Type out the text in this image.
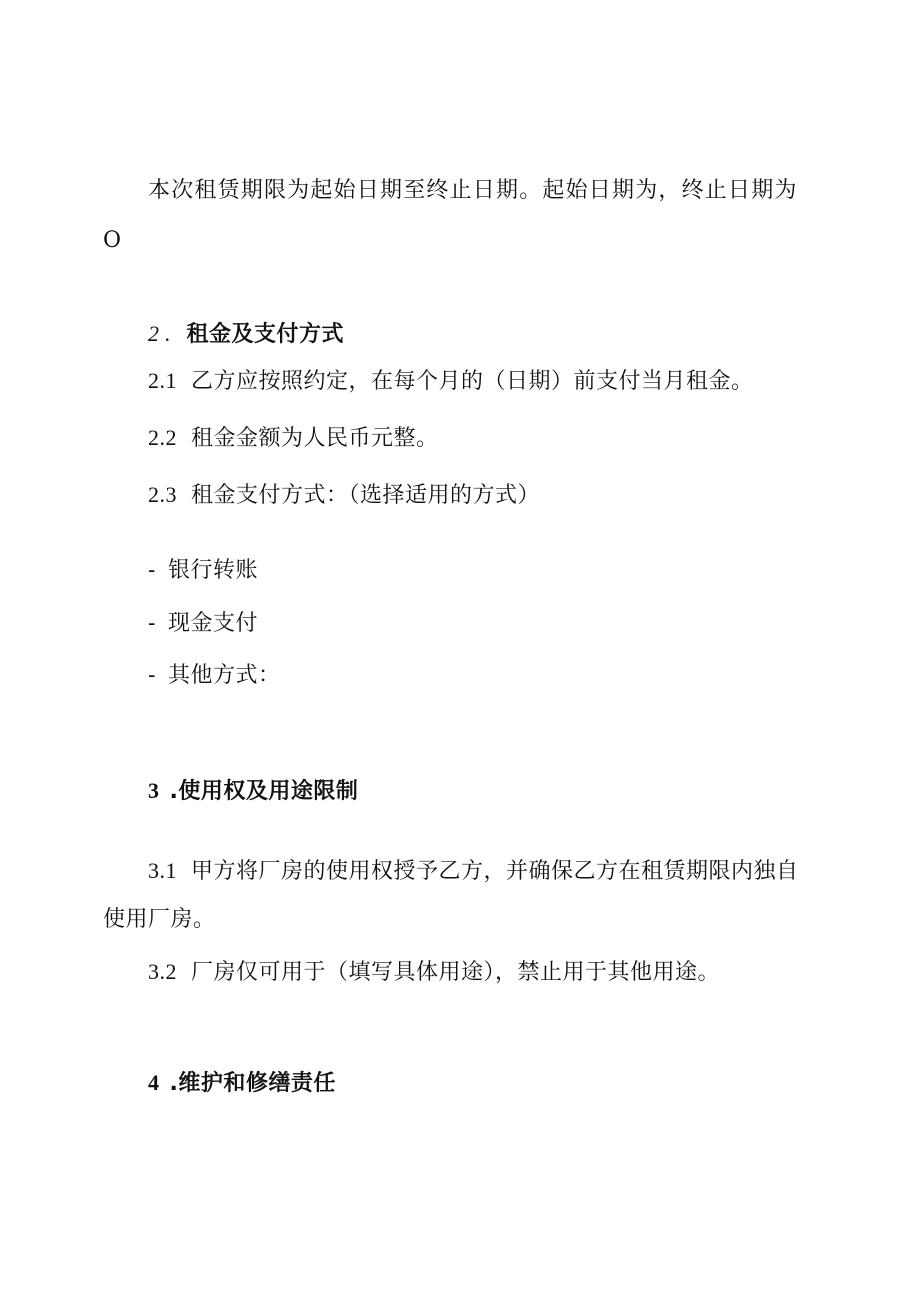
本次租赁期限为起始日期至终止日期。起始日期为，终止日期为
O
2. 租金及支付方式
2.1 乙方应按照约定，在每个月的（日期）前支付当月租金。
2.2 租金金额为人民币元整。
2.3 租金支付方式：（选择适用的方式）
- 银行转账
- 现金支付
- 其他方式：
3 .使用权及用途限制
3.1 甲方将厂房的使用权授予乙方，并确保乙方在租赁期限内独自
使用厂房。
3.2 厂房仅可用于（填写具体用途），禁止用于其他用途。
4 .维护和修缮责任
